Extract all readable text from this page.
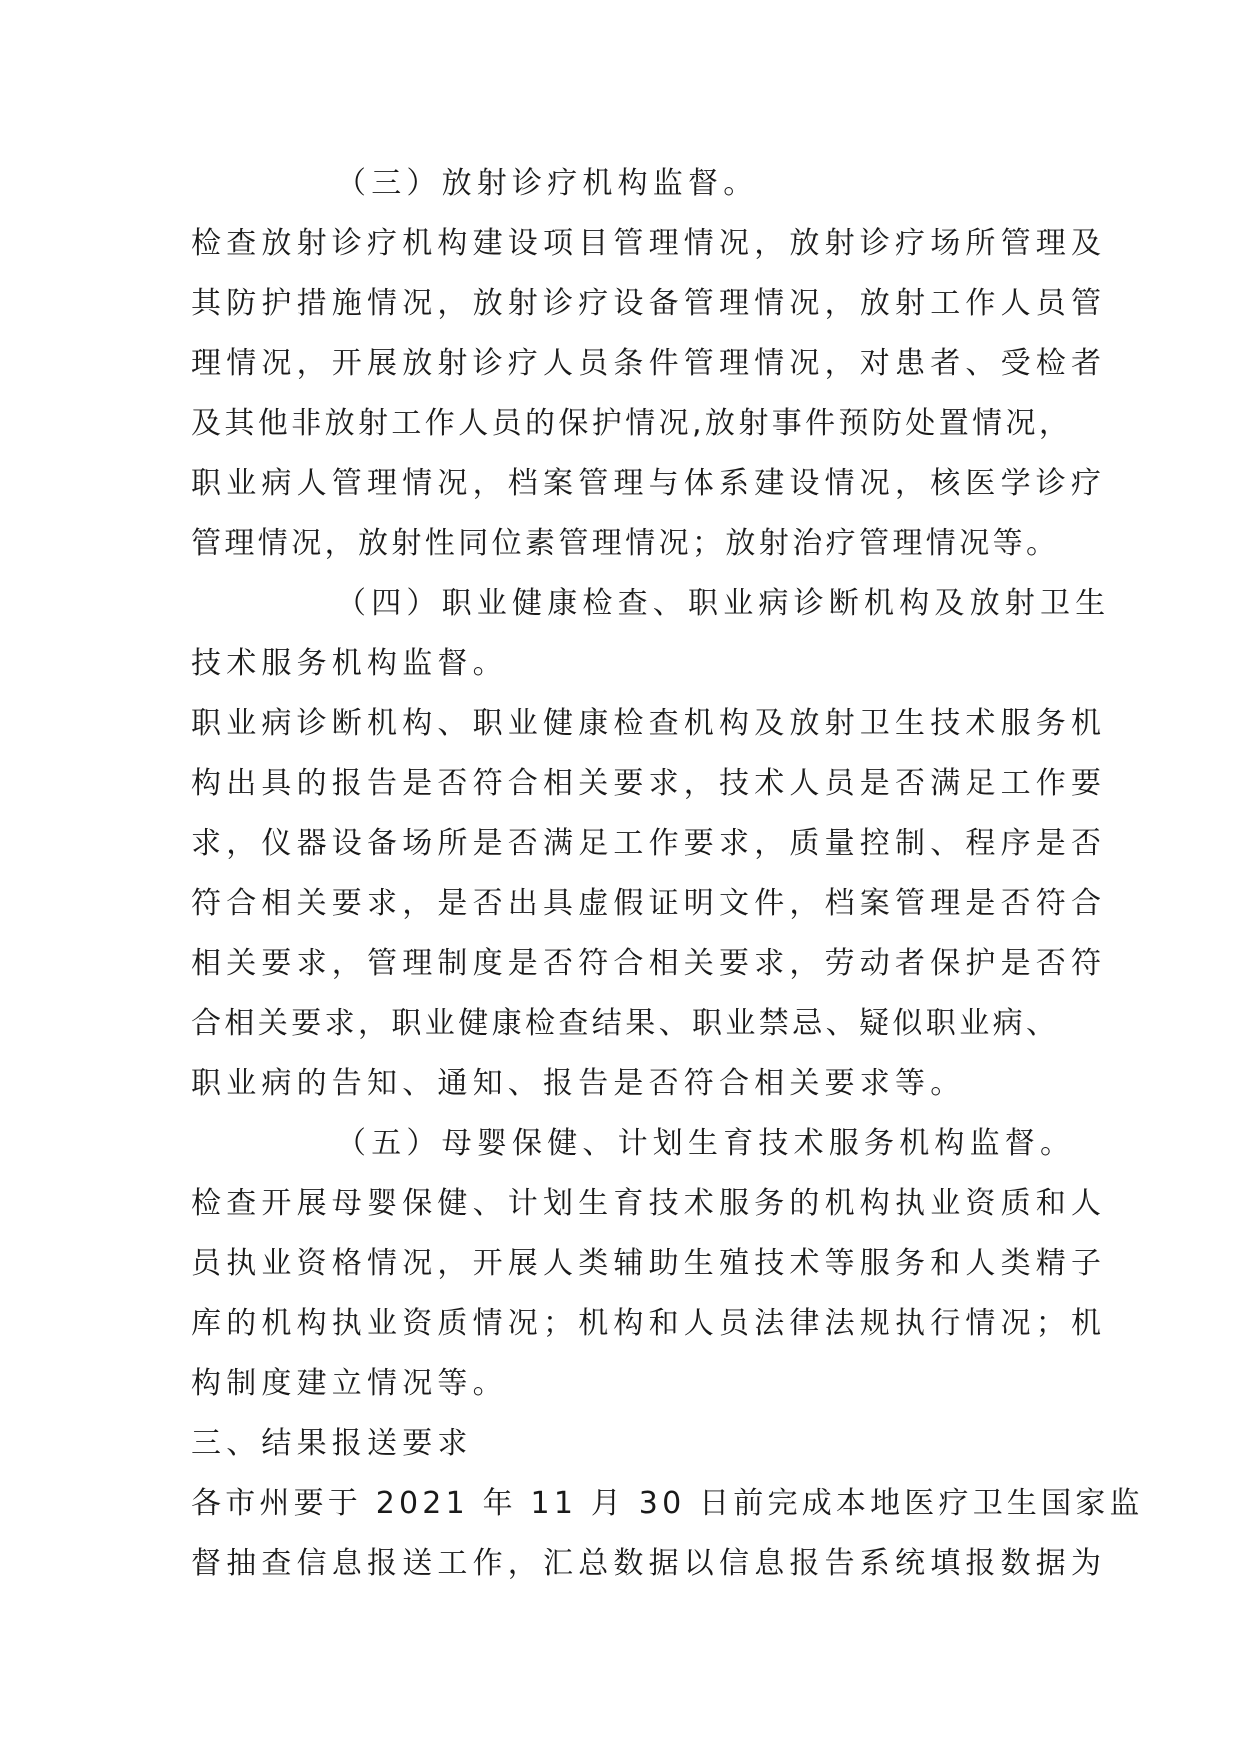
（三）放射诊疗机构监督。
检查放射诊疗机构建设项目管理情况，放射诊疗场所管理及
其防护措施情况，放射诊疗设备管理情况，放射工作人员管
理情况，开展放射诊疗人员条件管理情况，对患者、受检者
及其他非放射工作人员的保护情况,放射事件预防处置情况，
职业病人管理情况，档案管理与体系建设情况，核医学诊疗
管理情况，放射性同位素管理情况；放射治疗管理情况等。
（四）职业健康检查、职业病诊断机构及放射卫生
技术服务机构监督。
职业病诊断机构、职业健康检查机构及放射卫生技术服务机
构出具的报告是否符合相关要求，技术人员是否满足工作要
求，仪器设备场所是否满足工作要求，质量控制、程序是否
符合相关要求，是否出具虚假证明文件，档案管理是否符合
相关要求，管理制度是否符合相关要求，劳动者保护是否符
合相关要求，职业健康检查结果、职业禁忌、疑似职业病、
职业病的告知、通知、报告是否符合相关要求等。
（五）母婴保健、计划生育技术服务机构监督。
检查开展母婴保健、计划生育技术服务的机构执业资质和人
员执业资格情况，开展人类辅助生殖技术等服务和人类精子
库的机构执业资质情况；机构和人员法律法规执行情况；机
构制度建立情况等。
三、结果报送要求
各市州要于 2021 年 11 月 30 日前完成本地医疗卫生国家监
督抽查信息报送工作，汇总数据以信息报告系统填报数据为
